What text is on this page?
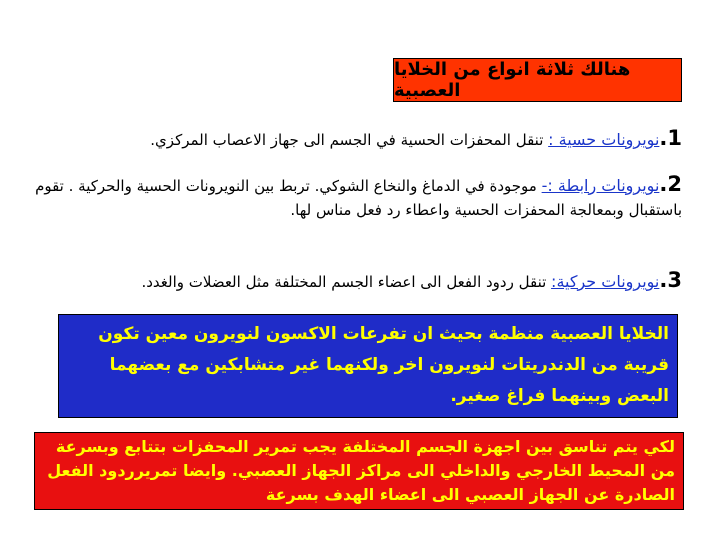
هنالك ثلاثة انواع من الخلايا العصبية
1.نويرونات حسية : تنقل المحفزات الحسية في الجسم الى جهاز الاعصاب المركزي.
2.نويرونات رابطة :- موجودة في الدماغ والنخاع الشوكي. تربط بين النويرونات الحسية والحركية . تقوم باستقبال وبمعالجة المحفزات الحسية واعطاء رد فعل مناس لها.
3.نويرونات حركية: تنقل ردود الفعل الى اعضاء الجسم المختلفة مثل العضلات والغدد.
الخلايا العصبية منظمة بحيث ان تفرعات الاكسون لنويرون معين تكون قريبة من الدندريتات لنويرون اخر ولكنهما غير متشابكين مع بعضهما البعض وبينهما فراغ صغير.
لكي يتم تناسق بين اجهزة الجسم المختلفة يجب تمرير المحفزات بتتابع وبسرعة من المحيط الخارجي والداخلي الى مراكز الجهاز العصبي. وايضا تمريرردود الفعل الصادرة عن الجهاز العصبي الى اعضاء الهدف بسرعة
